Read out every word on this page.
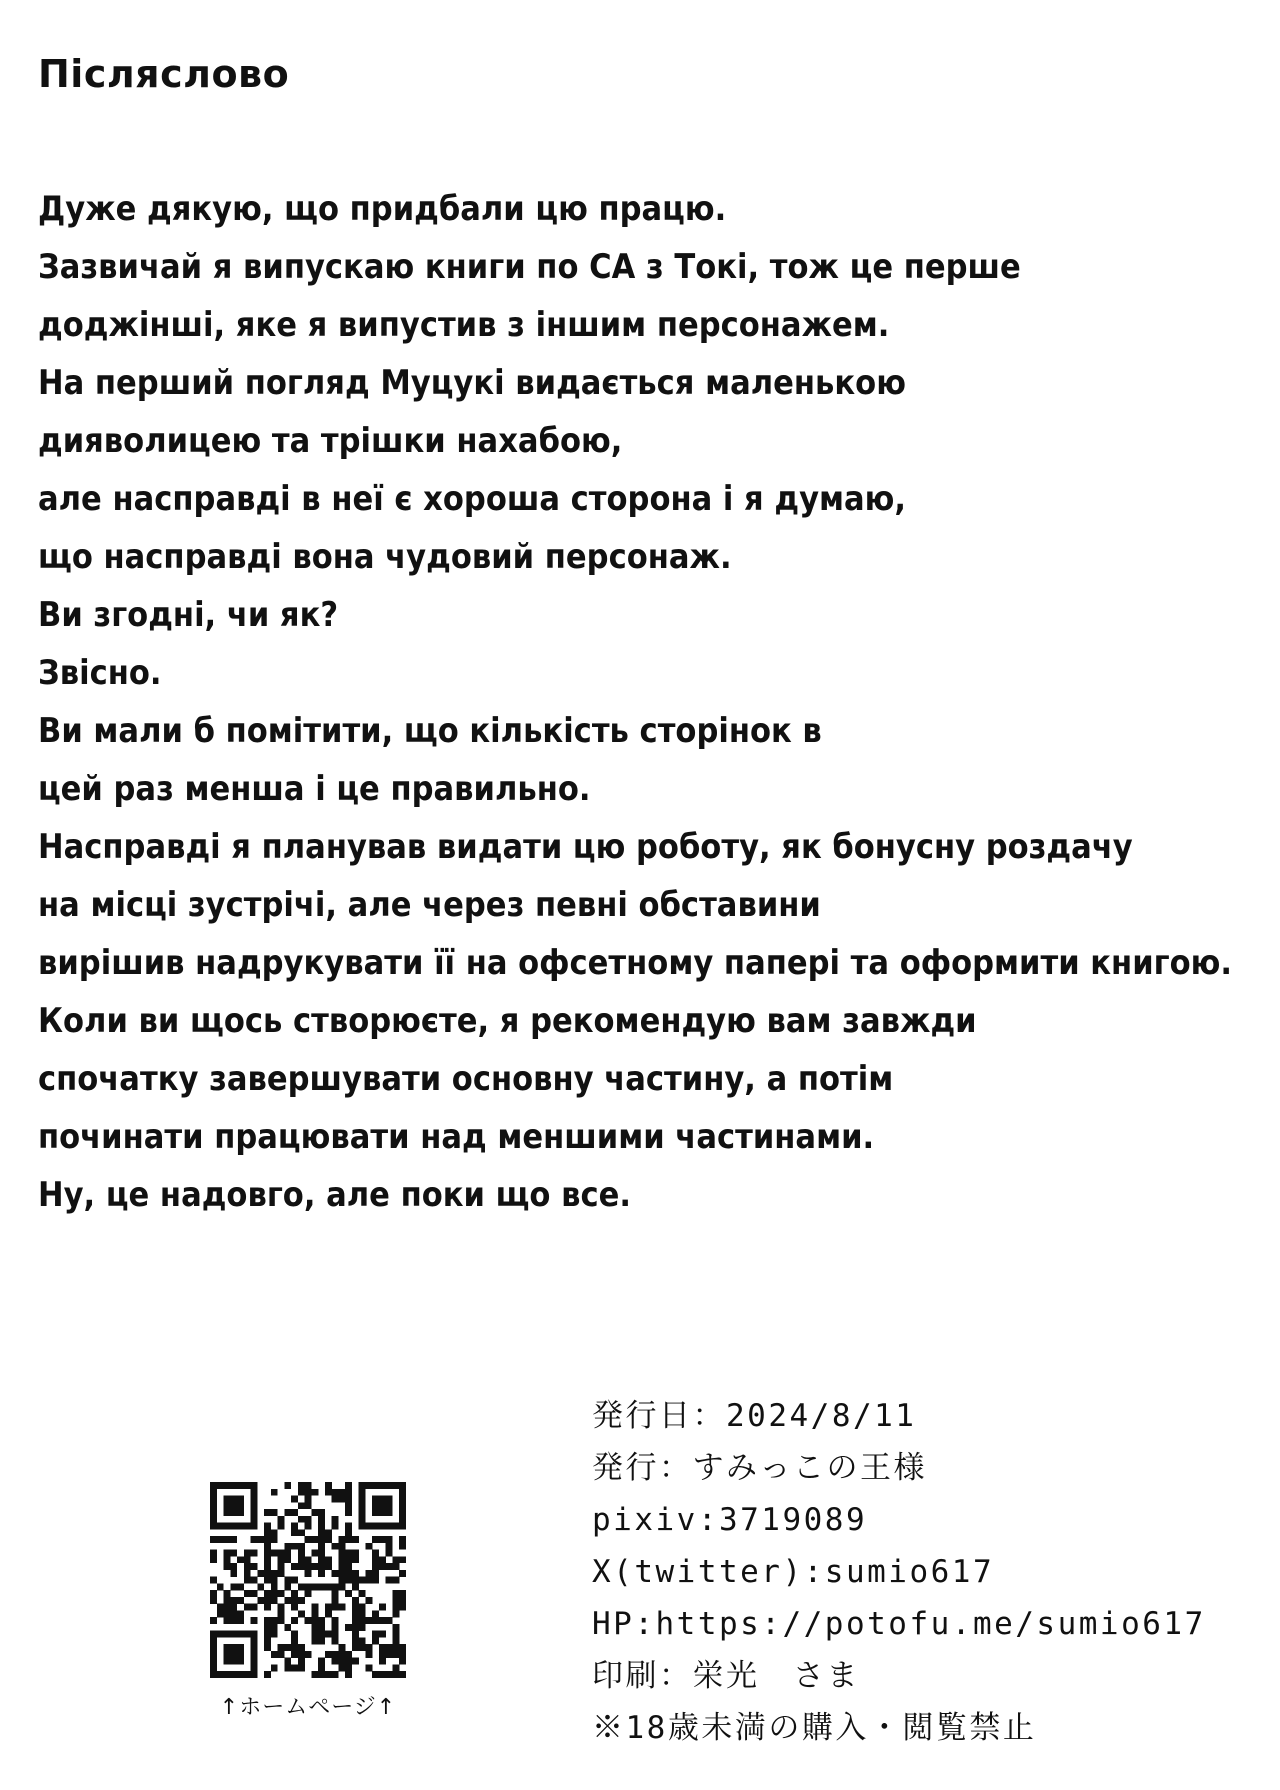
Післяслово
Дуже дякую, що придбали цю працю.
Зазвичай я випускаю книги по СА з Токі, тож це перше
доджінші, яке я випустив з іншим персонажем.
На перший погляд Муцукі видається маленькою
дияволицею та трішки нахабою,
але насправді в неї є хороша сторона і я думаю,
що насправді вона чудовий персонаж.
Ви згодні, чи як?
Звісно.
Ви мали б помітити, що кількість сторінок в
цей раз менша і це правильно.
Насправді я планував видати цю роботу, як бонусну роздачу
на місці зустрічі, але через певні обставини
вирішив надрукувати її на офсетному папері та оформити книгою.
Коли ви щось створюєте, я рекомендую вам завжди
спочатку завершувати основну частину, а потім
починати працювати над меншими частинами.
Ну, це надовго, але поки що все.
↑ホームページ↑
発行日：2024/8/11
発行：すみっこの王様
pixiv:3719089
X(twitter):sumio617
HP:https://potofu.me/sumio617
印刷：栄光　さま
※18歳未満の購入・閲覧禁止
